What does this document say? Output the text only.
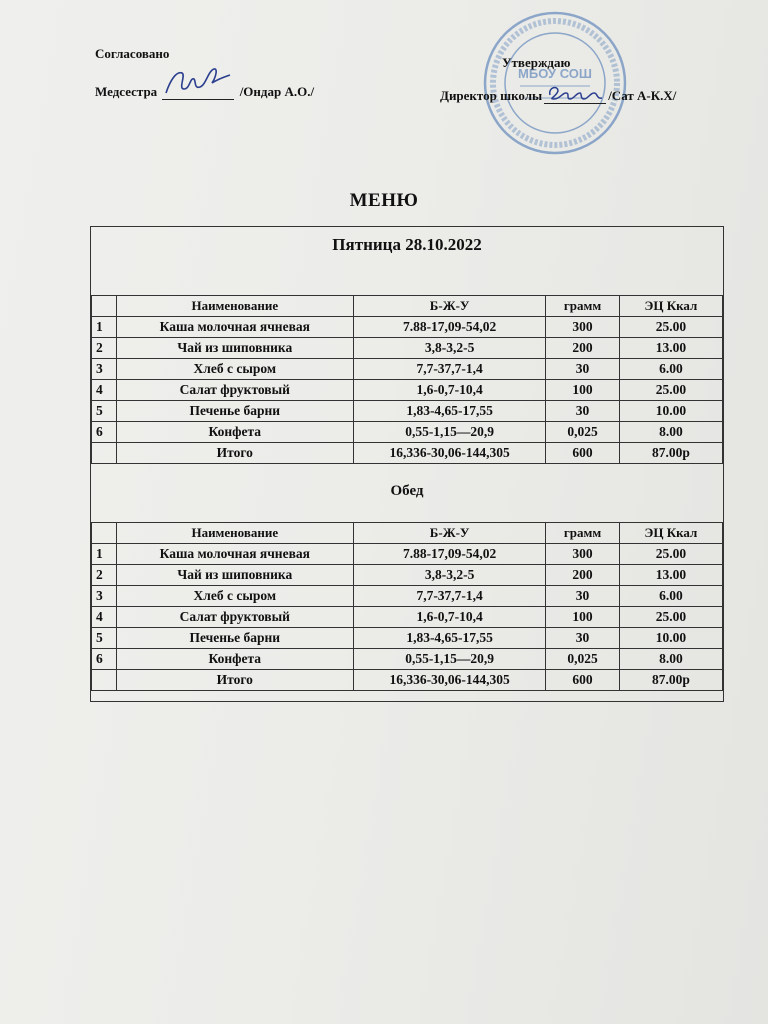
МБОУ СОШ
Согласовано
Медсестра	/Ондар А.О./
Утверждаю
Директор школы	/Сат А-К.Х/
МЕНЮ
Пятница 28.10.2022
	Наименование	Б-Ж-У	грамм	ЭЦ Ккал
1	Каша молочная ячневая	7.88-17,09-54,02	300	25.00
2	Чай из шиповника	3,8-3,2-5	200	13.00
3	Хлеб с сыром	7,7-37,7-1,4	30	6.00
4	Салат фруктовый	1,6-0,7-10,4	100	25.00
5	Печенье барни	1,83-4,65-17,55	30	10.00
6	Конфета	0,55-1,15—20,9	0,025	8.00
	Итого	16,336-30,06-144,305	600	87.00р
Обед
	Наименование	Б-Ж-У	грамм	ЭЦ Ккал
1	Каша молочная ячневая	7.88-17,09-54,02	300	25.00
2	Чай из шиповника	3,8-3,2-5	200	13.00
3	Хлеб с сыром	7,7-37,7-1,4	30	6.00
4	Салат фруктовый	1,6-0,7-10,4	100	25.00
5	Печенье барни	1,83-4,65-17,55	30	10.00
6	Конфета	0,55-1,15—20,9	0,025	8.00
	Итого	16,336-30,06-144,305	600	87.00р
